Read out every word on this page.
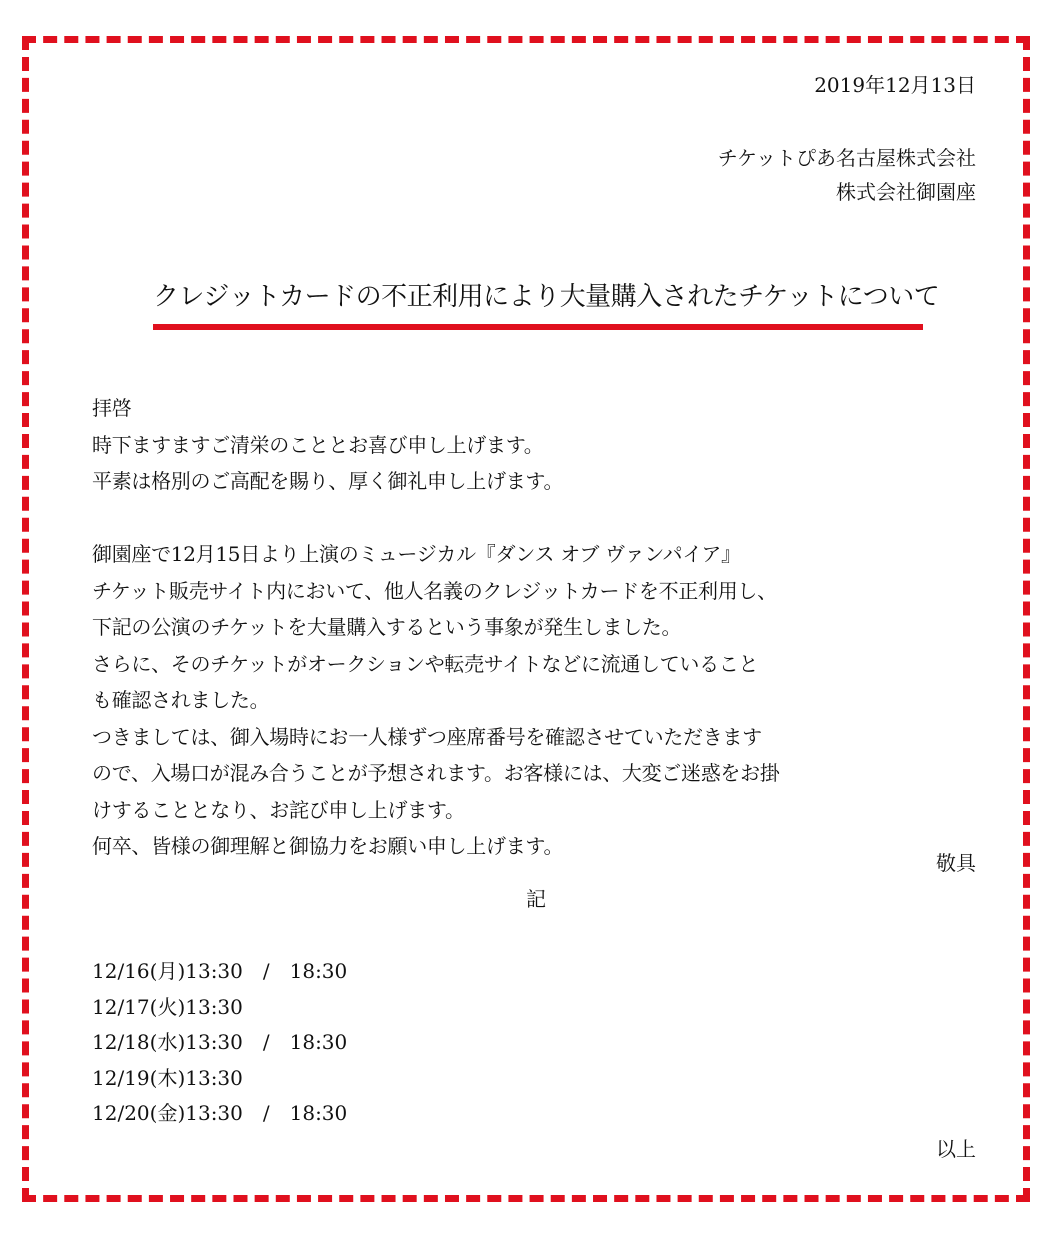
2019年12月13日
チケットぴあ名古屋株式会社
株式会社御園座
クレジットカードの不正利用により大量購入されたチケットについて
拝啓
時下ますますご清栄のこととお喜び申し上げます。
平素は格別のご高配を賜り、厚く御礼申し上げます。
御園座で12月15日より上演のミュージカル『ダンス オブ ヴァンパイア』
チケット販売サイト内において、他人名義のクレジットカードを不正利用し、
下記の公演のチケットを大量購入するという事象が発生しました。
さらに、そのチケットがオークションや転売サイトなどに流通していること
も確認されました。
つきましては、御入場時にお一人様ずつ座席番号を確認させていただきます
ので、入場口が混み合うことが予想されます。お客様には、大変ご迷惑をお掛
けすることとなり、お詫び申し上げます。
何卒、皆様の御理解と御協力をお願い申し上げます。
敬具
記
12/16(月)13:30　/　18:30
12/17(火)13:30
12/18(水)13:30　/　18:30
12/19(木)13:30
12/20(金)13:30　/　18:30
以上
